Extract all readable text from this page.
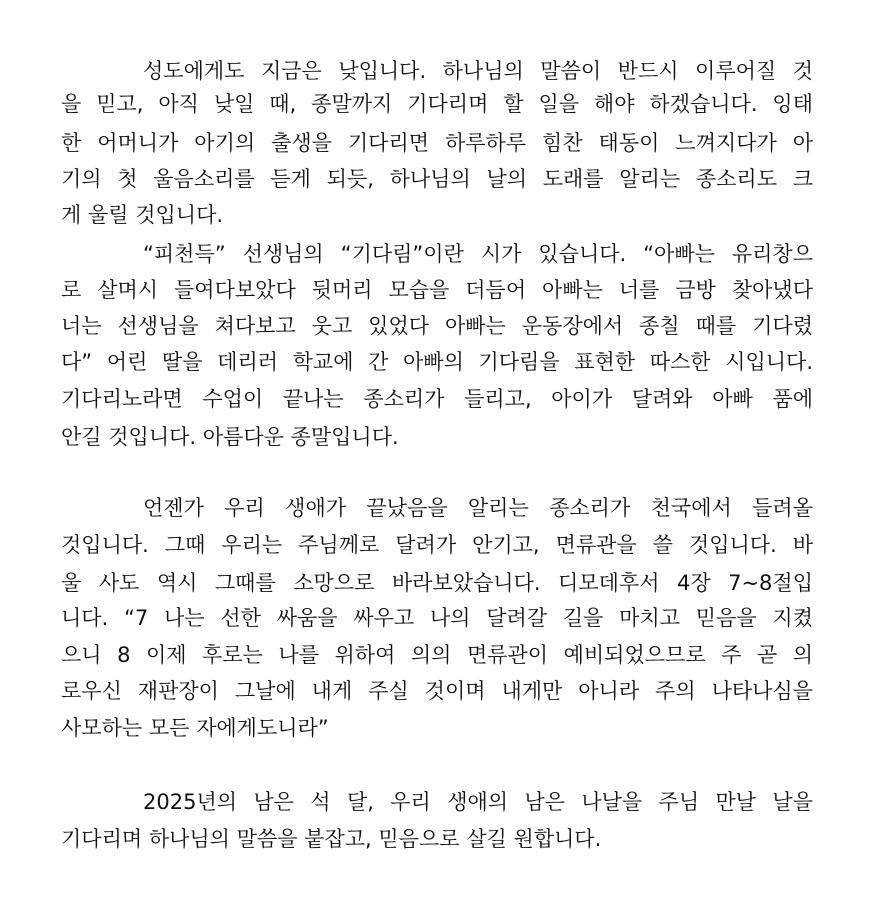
성도에게도 지금은 낮입니다. 하나님의 말씀이 반드시 이루어질 것
을 믿고, 아직 낮일 때, 종말까지 기다리며 할 일을 해야 하겠습니다. 잉태
한 어머니가 아기의 출생을 기다리면 하루하루 힘찬 태동이 느껴지다가 아
기의 첫 울음소리를 듣게 되듯, 하나님의 날의 도래를 알리는 종소리도 크
게 울릴 것입니다.
“피천득” 선생님의 “기다림”이란 시가 있습니다. “아빠는 유리창으
로 살며시 들여다보았다 뒷머리 모습을 더듬어 아빠는 너를 금방 찾아냈다
너는 선생님을 쳐다보고 웃고 있었다 아빠는 운동장에서 종칠 때를 기다렸
다” 어린 딸을 데리러 학교에 간 아빠의 기다림을 표현한 따스한 시입니다.
기다리노라면 수업이 끝나는 종소리가 들리고, 아이가 달려와 아빠 품에
안길 것입니다. 아름다운 종말입니다.
언젠가 우리 생애가 끝났음을 알리는 종소리가 천국에서 들려올
것입니다. 그때 우리는 주님께로 달려가 안기고, 면류관을 쓸 것입니다. 바
울 사도 역시 그때를 소망으로 바라보았습니다. 디모데후서 4장 7~8절입
니다. “7 나는 선한 싸움을 싸우고 나의 달려갈 길을 마치고 믿음을 지켰
으니 8 이제 후로는 나를 위하여 의의 면류관이 예비되었으므로 주 곧 의
로우신 재판장이 그날에 내게 주실 것이며 내게만 아니라 주의 나타나심을
사모하는 모든 자에게도니라”
2025년의 남은 석 달, 우리 생애의 남은 나날을 주님 만날 날을
기다리며 하나님의 말씀을 붙잡고, 믿음으로 살길 원합니다.
